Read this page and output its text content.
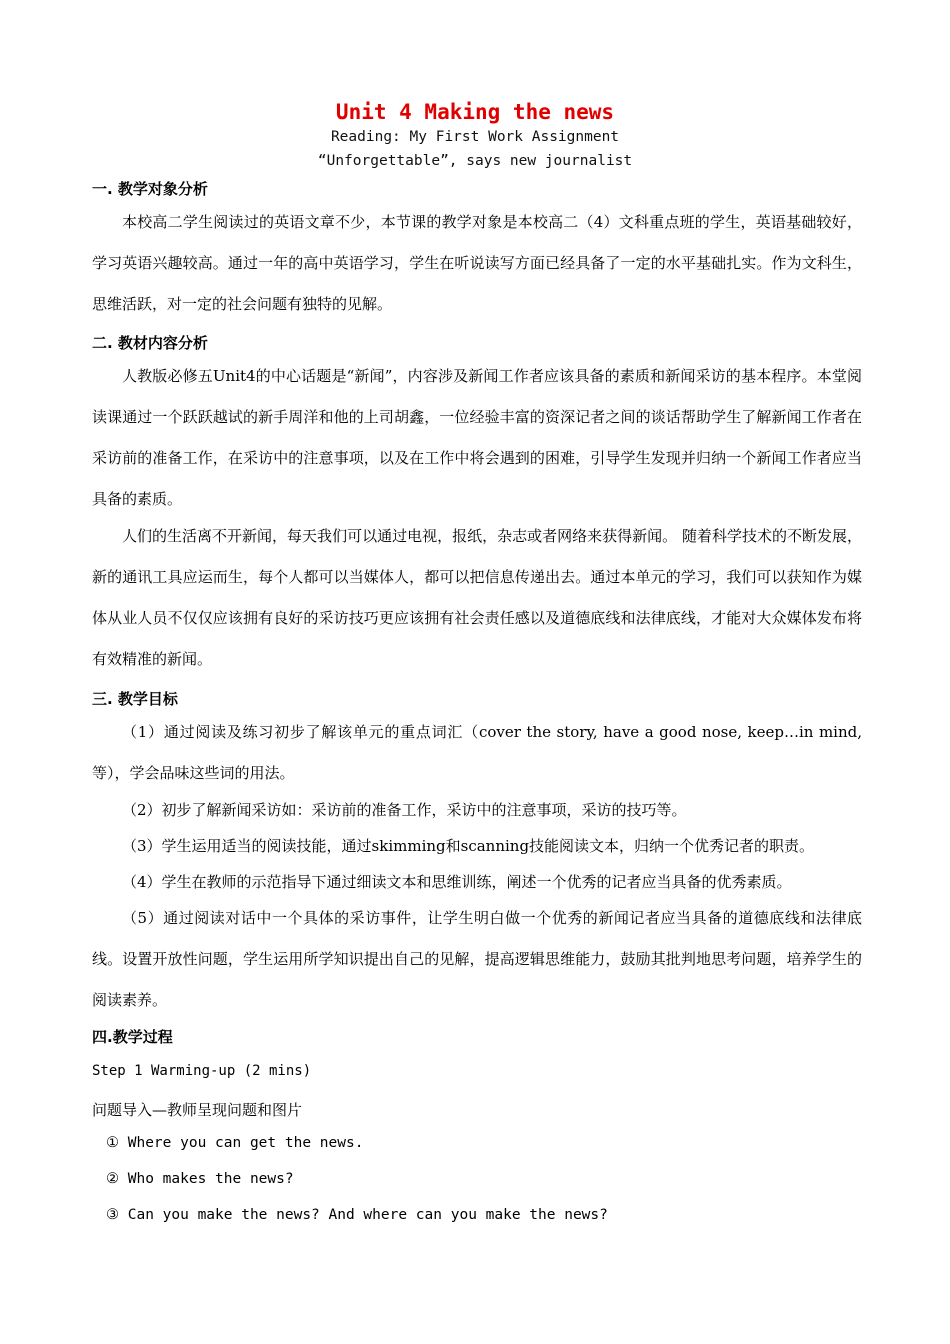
Unit 4 Making the news
Reading: My First Work Assignment
“Unforgettable”, says new journalist
一. 教学对象分析
本校高二学生阅读过的英语文章不少，本节课的教学对象是本校高二（4）文科重点班的学生，英语基础较好，学习英语兴趣较高。通过一年的高中英语学习，学生在听说读写方面已经具备了一定的水平基础扎实。作为文科生，思维活跃，对一定的社会问题有独特的见解。
二. 教材内容分析
人教版必修五Unit4的中心话题是“新闻”，内容涉及新闻工作者应该具备的素质和新闻采访的基本程序。本堂阅读课通过一个跃跃越试的新手周洋和他的上司胡鑫，一位经验丰富的资深记者之间的谈话帮助学生了解新闻工作者在采访前的准备工作，在采访中的注意事项，以及在工作中将会遇到的困难，引导学生发现并归纳一个新闻工作者应当具备的素质。
人们的生活离不开新闻，每天我们可以通过电视，报纸，杂志或者网络来获得新闻。 随着科学技术的不断发展，新的通讯工具应运而生，每个人都可以当媒体人，都可以把信息传递出去。通过本单元的学习，我们可以获知作为媒体从业人员不仅仅应该拥有良好的采访技巧更应该拥有社会责任感以及道德底线和法律底线，才能对大众媒体发布将有效精准的新闻。
三. 教学目标
（1）通过阅读及练习初步了解该单元的重点词汇（cover the story, have a good nose, keep…in mind, 等），学会品味这些词的用法。
（2）初步了解新闻采访如：采访前的准备工作，采访中的注意事项，采访的技巧等。
（3）学生运用适当的阅读技能，通过skimming和scanning技能阅读文本，归纳一个优秀记者的职责。
（4）学生在教师的示范指导下通过细读文本和思维训练，阐述一个优秀的记者应当具备的优秀素质。
（5）通过阅读对话中一个具体的采访事件，让学生明白做一个优秀的新闻记者应当具备的道德底线和法律底线。设置开放性问题，学生运用所学知识提出自己的见解，提高逻辑思维能力，鼓励其批判地思考问题，培养学生的阅读素养。
四.教学过程
Step 1 Warming-up (2 mins)
问题导入—教师呈现问题和图片
① Where you can get the news.
② Who makes the news?
③ Can you make the news? And where can you make the news?
